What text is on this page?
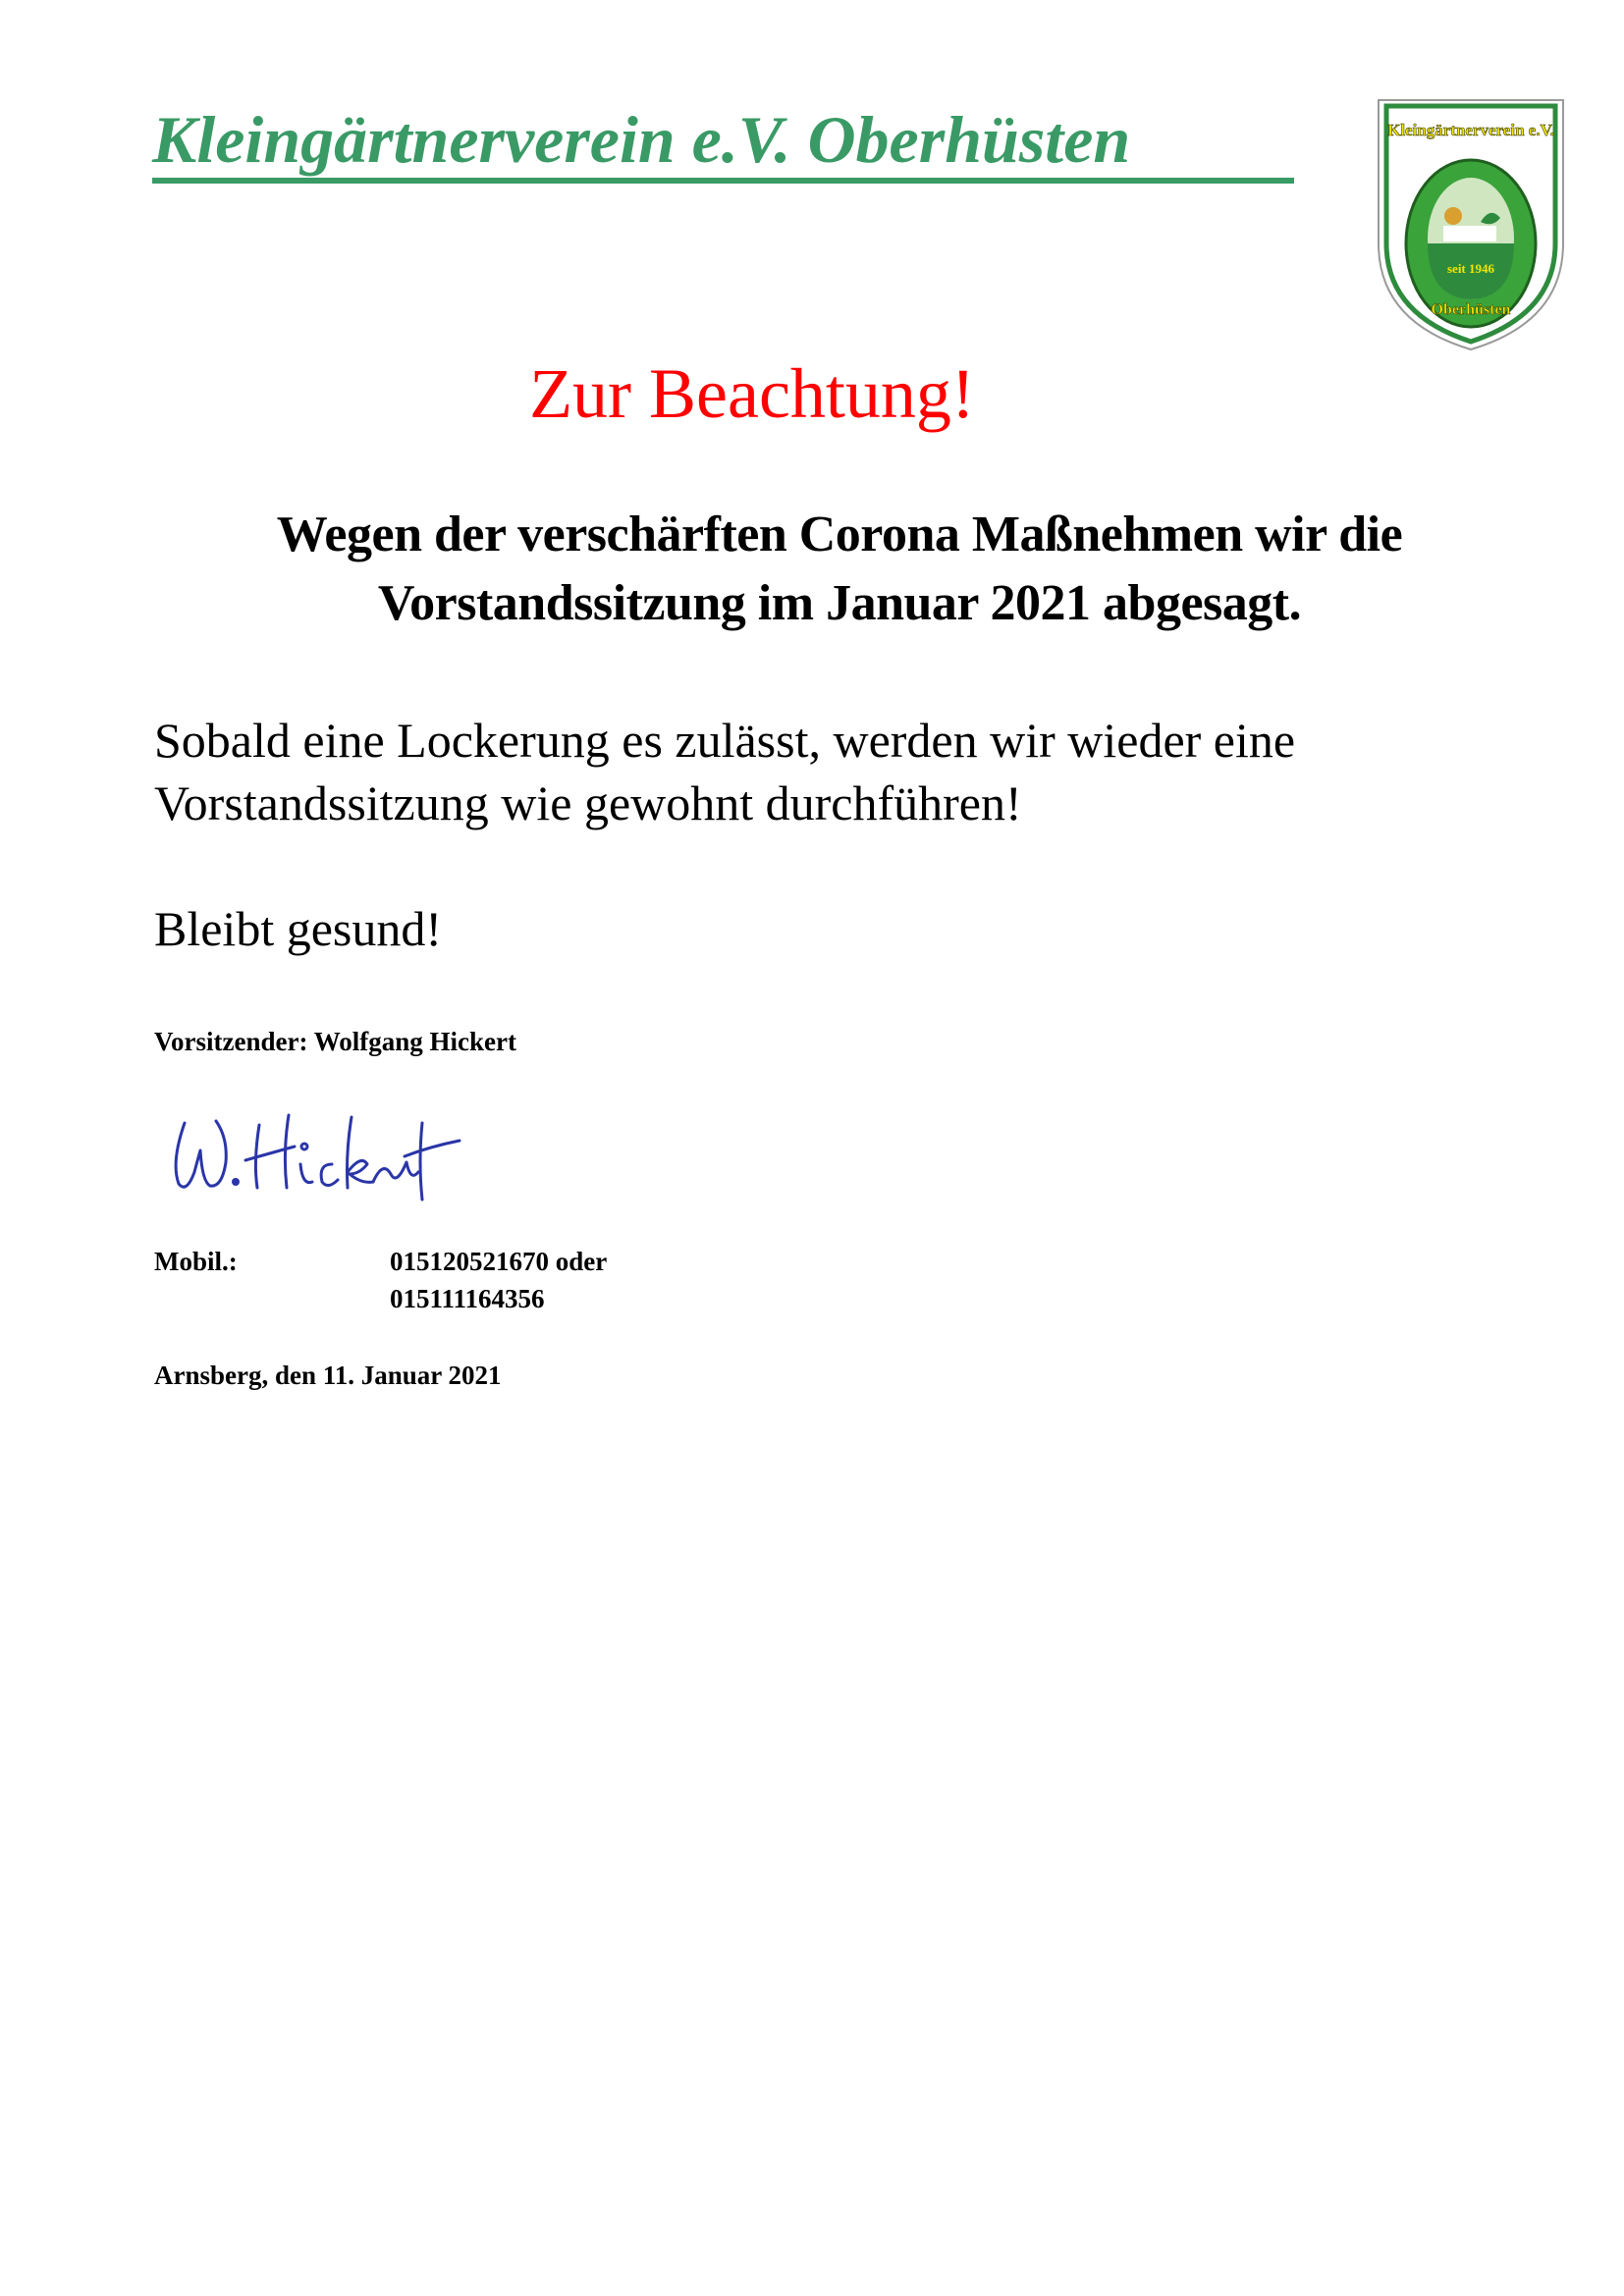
Kleingärtnerverein e.V. Oberhüsten	Kleingärtnerverein e.V.
seit 1946
Oberhüsten
Zur Beachtung!
Wegen der verschärften Corona Maßnehmen wir die
Vorstandssitzung im Januar 2021 abgesagt.
Sobald eine Lockerung es zulässt, werden wir wieder eine
Vorstandssitzung wie gewohnt durchführen!
Bleibt gesund!
Vorsitzender: Wolfgang Hickert
Mobil.:	015120521670 oder
015111164356
Arnsberg, den 11. Januar 2021
